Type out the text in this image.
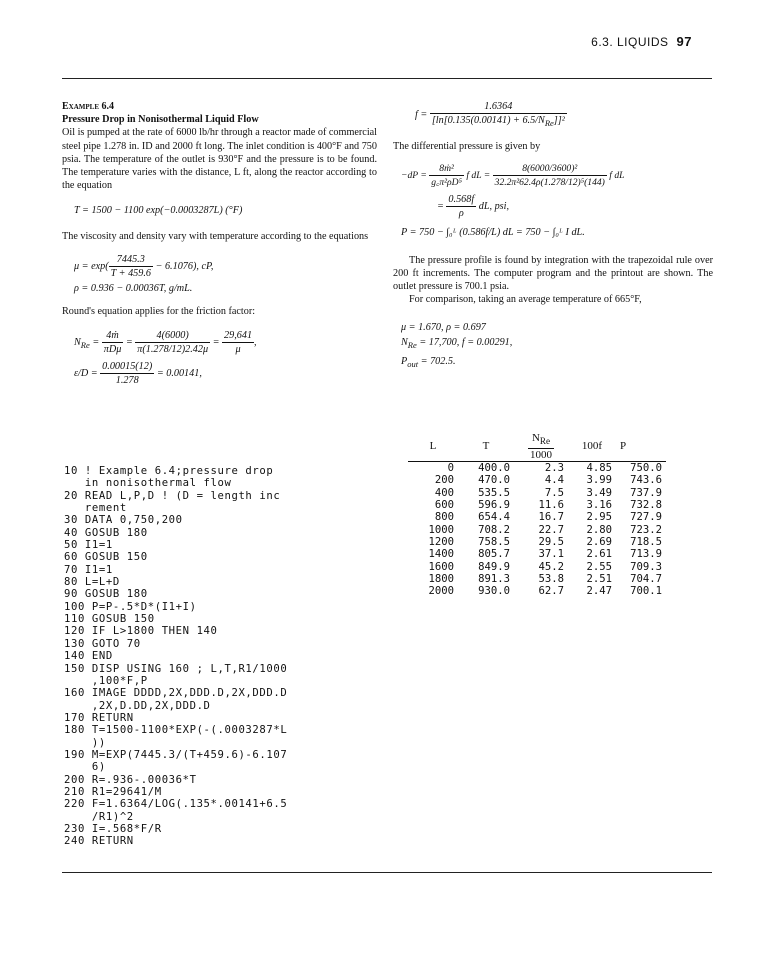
6.3. LIQUIDS 97
Example 6.4
Pressure Drop in Nonisothermal Liquid Flow
Oil is pumped at the rate of 6000 lb/hr through a reactor made of commercial steel pipe 1.278 in. ID and 2000 ft long. The inlet condition is 400°F and 750 psia. The temperature of the outlet is 930°F and the pressure is to be found. The temperature varies with the distance, L ft, along the reactor according to the equation
T = 1500 − 1100 exp(−0.0003287L) (°F)
The viscosity and density vary with temperature according to the equations
$\mu = \exp( \frac{7445.3}{T + 459.6} - 6.1076)$, cP,
ρ = 0.936 − 0.00036T, g/mL.
Round's equation applies for the friction factor:
$N_{Re} = \frac{\text{4ṁ}}{\text{πDμ}} = \frac{4(6000)}{\pi(1.278/12)2.42\mu} = \frac{29,641}{\mu}$ ,
$\varepsilon/D = \frac{0.00015(12)}{1.278} = 0.00141$,
$f = \frac{1.6364}{[\ln[0.135(0.00141) + 6.5/N_{Re}]]^2}$
The differential pressure is given by
$-dP = \frac{\text{8ṁ²}}{\text{g꜀π²ρD⁵}}$ f dL = $\frac{\text{8(6000/3600)²}}{\text{32.2π²62.4ρ(1.278/12)⁵(144)}}$ f dL
= $\frac{0.568f}{\rho}$ dL, psi,
P = 750 − ∫₀ᴸ (0.586f/L) dL = 750 − ∫₀ᴸ I dL.
The pressure profile is found by integration with the trapezoidal rule over 200 ft increments. The computer program and the printout are shown. The outlet pressure is 700.1 psia.
For comparison, taking an average temperature of 665°F,
μ = 1.670, ρ = 0.697
$N_{Re} = 17,700$, f = 0.00291,
$P_{out} = 702.5$.
10 ! Example 6.4;pressure drop
in nonisothermal flow
20 READ L,P,D ! (D = length inc
rement
30 DATA 0,750,200
40 GOSUB 180
50 I1=1
60 GOSUB 150
70 I1=1
80 L=L+D
90 GOSUB 180
100 P=P-.5*D*(I1+I)
110 GOSUB 150
120 IF L>1800 THEN 140
130 GOTO 70
140 END
150 DISP USING 160 ; L,T,R1/1000
,100*F,P
160 IMAGE DDDD,2X,DDD.D,2X,DDD.D
,2X,D.DD,2X,DDD.D
170 RETURN
180 T=1500-1100*EXP(-(.0003287*L
))
190 M=EXP(7445.3/(T+459.6)-6.107
6)
200 R=.936-.00036*T
210 R1=29641/M
220 F=1.6364/LOG(.135*.00141+6.5
/R1)^2
230 I=.568*F/R
240 RETURN
L	T	$\frac{N_{Re}}{1000}$	100f	P
0	400.0	2.3	4.85	750.0
200	470.0	4.4	3.99	743.6
400	535.5	7.5	3.49	737.9
600	596.9	11.6	3.16	732.8
800	654.4	16.7	2.95	727.9
1000	708.2	22.7	2.80	723.2
1200	758.5	29.5	2.69	718.5
1400	805.7	37.1	2.61	713.9
1600	849.9	45.2	2.55	709.3
1800	891.3	53.8	2.51	704.7
2000	930.0	62.7	2.47	700.1
